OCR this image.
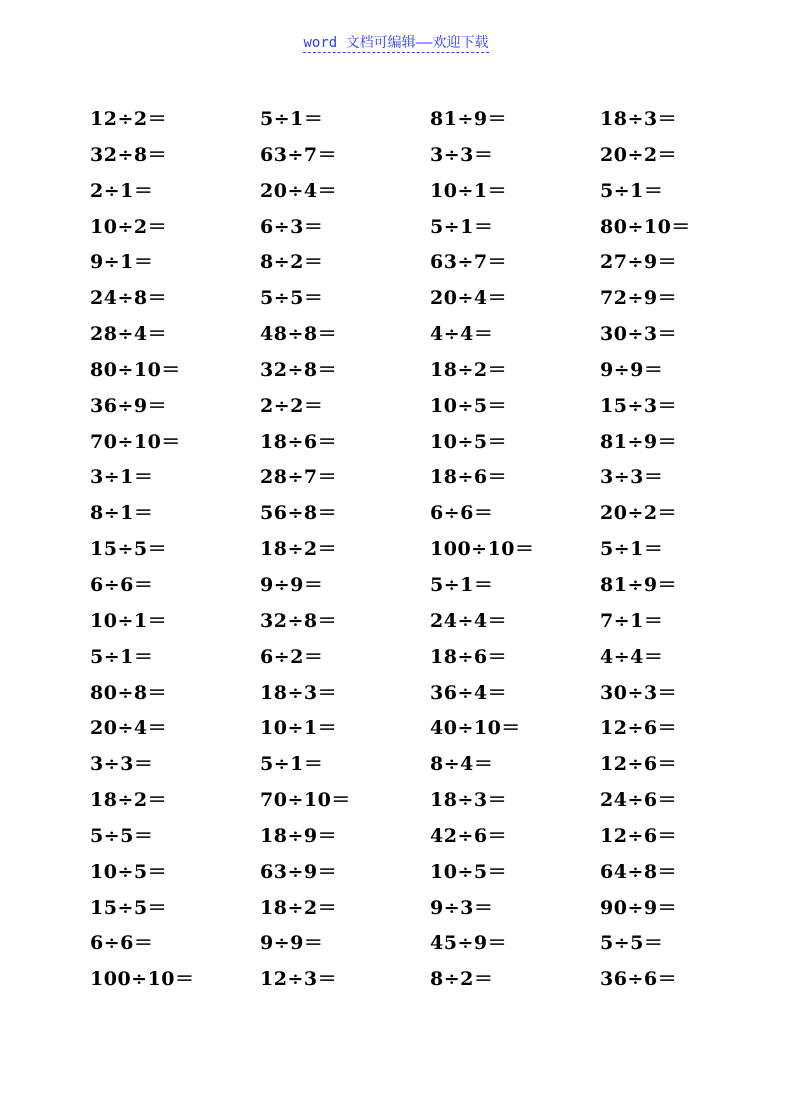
word 文档可编辑——欢迎下载
12÷2＝	5÷1＝	81÷9＝	18÷3＝
32÷8＝	63÷7＝	3÷3＝	20÷2＝
2÷1＝	20÷4＝	10÷1＝	5÷1＝
10÷2＝	6÷3＝	5÷1＝	80÷10＝
9÷1＝	8÷2＝	63÷7＝	27÷9＝
24÷8＝	5÷5＝	20÷4＝	72÷9＝
28÷4＝	48÷8＝	4÷4＝	30÷3＝
80÷10＝	32÷8＝	18÷2＝	9÷9＝
36÷9＝	2÷2＝	10÷5＝	15÷3＝
70÷10＝	18÷6＝	10÷5＝	81÷9＝
3÷1＝	28÷7＝	18÷6＝	3÷3＝
8÷1＝	56÷8＝	6÷6＝	20÷2＝
15÷5＝	18÷2＝	100÷10＝	5÷1＝
6÷6＝	9÷9＝	5÷1＝	81÷9＝
10÷1＝	32÷8＝	24÷4＝	7÷1＝
5÷1＝	6÷2＝	18÷6＝	4÷4＝
80÷8＝	18÷3＝	36÷4＝	30÷3＝
20÷4＝	10÷1＝	40÷10＝	12÷6＝
3÷3＝	5÷1＝	8÷4＝	12÷6＝
18÷2＝	70÷10＝	18÷3＝	24÷6＝
5÷5＝	18÷9＝	42÷6＝	12÷6＝
10÷5＝	63÷9＝	10÷5＝	64÷8＝
15÷5＝	18÷2＝	9÷3＝	90÷9＝
6÷6＝	9÷9＝	45÷9＝	5÷5＝
100÷10＝	12÷3＝	8÷2＝	36÷6＝
